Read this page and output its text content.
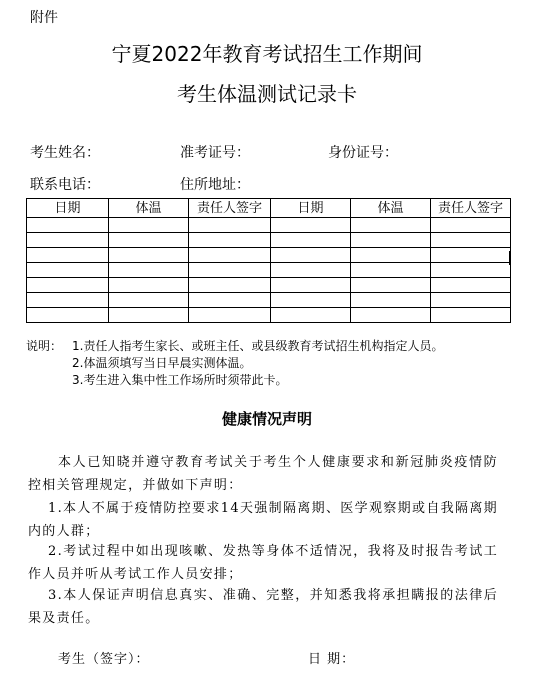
附件
宁夏2022年教育考试招生工作期间
考生体温测试记录卡
考生姓名：	准考证号：	身份证号：
联系电话：	住所地址：
日期	体温	责任人签字	日期	体温	责任人签字

说明： 1.责任人指考生家长、或班主任、或县级教育考试招生机构指定人员。
2.体温须填写当日早晨实测体温。
3.考生进入集中性工作场所时须带此卡。
健康情况声明
本人已知晓并遵守教育考试关于考生个人健康要求和新冠肺炎疫情防控相关管理规定，并做如下声明：
1.本人不属于疫情防控要求14天强制隔离期、医学观察期或自我隔离期内的人群；
2.考试过程中如出现咳嗽、发热等身体不适情况，我将及时报告考试工作人员并听从考试工作人员安排；
3.本人保证声明信息真实、准确、完整，并知悉我将承担瞒报的法律后果及责任。
考生（签字）：	日 期：
